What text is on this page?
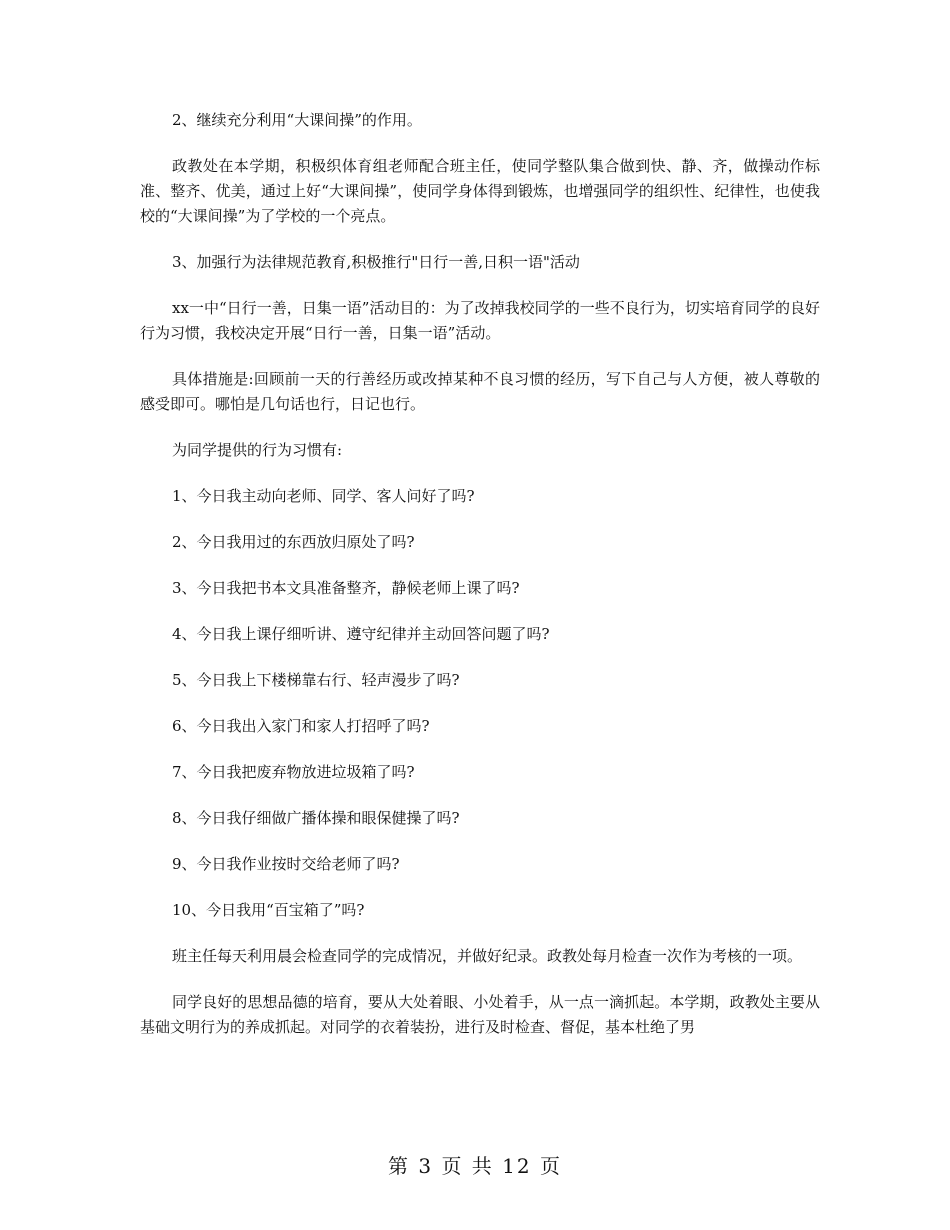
2、继续充分利用“大课间操”的作用。

政教处在本学期，积极织体育组老师配合班主任，使同学整队集合做到快、静、齐，做操动作标准、整齐、优美，通过上好“大课间操”，使同学身体得到锻炼，也增强同学的组织性、纪律性，也使我校的“大课间操”为了学校的一个亮点。

3、加强行为法律规范教育,积极推行"日行一善,日积一语"活动

xx一中“日行一善，日集一语”活动目的：为了改掉我校同学的一些不良行为，切实培育同学的良好行为习惯，我校决定开展“日行一善，日集一语”活动。

具体措施是:回顾前一天的行善经历或改掉某种不良习惯的经历，写下自己与人方便，被人尊敬的感受即可。哪怕是几句话也行，日记也行。

为同学提供的行为习惯有:

1、今日我主动向老师、同学、客人问好了吗?

2、今日我用过的东西放归原处了吗?

3、今日我把书本文具准备整齐，静候老师上课了吗?

4、今日我上课仔细听讲、遵守纪律并主动回答问题了吗?

5、今日我上下楼梯靠右行、轻声漫步了吗?

6、今日我出入家门和家人打招呼了吗?

7、今日我把废弃物放进垃圾箱了吗?

8、今日我仔细做广播体操和眼保健操了吗?

9、今日我作业按时交给老师了吗?

10、今日我用“百宝箱了”吗?

班主任每天利用晨会检查同学的完成情况，并做好纪录。政教处每月检查一次作为考核的一项。

同学良好的思想品德的培育，要从大处着眼、小处着手，从一点一滴抓起。本学期，政教处主要从基础文明行为的养成抓起。对同学的衣着装扮，进行及时检查、督促，基本杜绝了男

第 3 页 共 12 页
